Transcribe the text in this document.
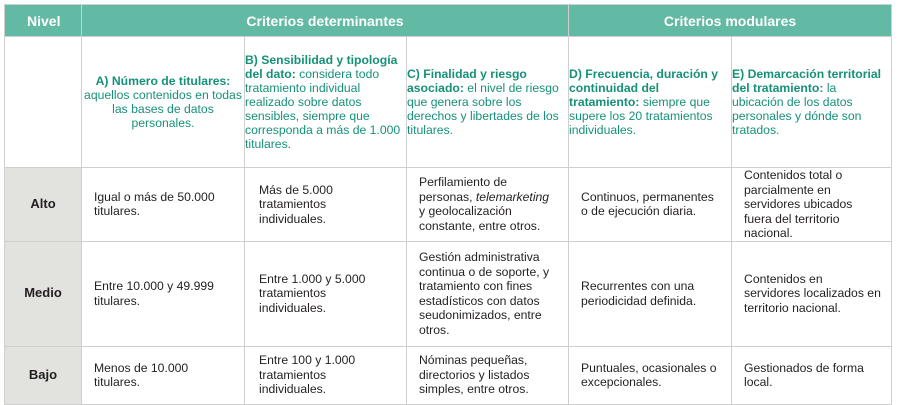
Nivel	Criterios determinantes			Criterios modulares	
	A) Número de titulares: aquellos contenidos en todas las bases de datos personales.	B) Sensibilidad y tipología del dato: considera todo tratamiento individual realizado sobre datos sensibles, siempre que corresponda a más de 1.000 titulares.	C) Finalidad y riesgo asociado: el nivel de riesgo que genera sobre los derechos y libertades de los titulares.	D) Frecuencia, duración y continuidad del tratamiento: siempre que supere los 20 tratamientos individuales.	E) Demarcación territorial del tratamiento: la ubicación de los datos personales y dónde son tratados.
Alto	Igual o más de 50.000 titulares.	Más de 5.000 tratamientos individuales.	Perfilamiento de personas, telemarketing y geolocalización constante, entre otros.	Continuos, permanentes o de ejecución diaria.	Contenidos total o parcialmente en servidores ubicados fuera del territorio nacional.
Medio	Entre 10.000 y 49.999 titulares.	Entre 1.000 y 5.000 tratamientos individuales.	Gestión administrativa continua o de soporte, y tratamiento con fines estadísticos con datos seudonimizados, entre otros.	Recurrentes con una periodicidad definida.	Contenidos en servidores localizados en territorio nacional.
Bajo	Menos de 10.000 titulares.	Entre 100 y 1.000 tratamientos individuales.	Nóminas pequeñas, directorios y listados simples, entre otros.	Puntuales, ocasionales o excepcionales.	Gestionados de forma local.
